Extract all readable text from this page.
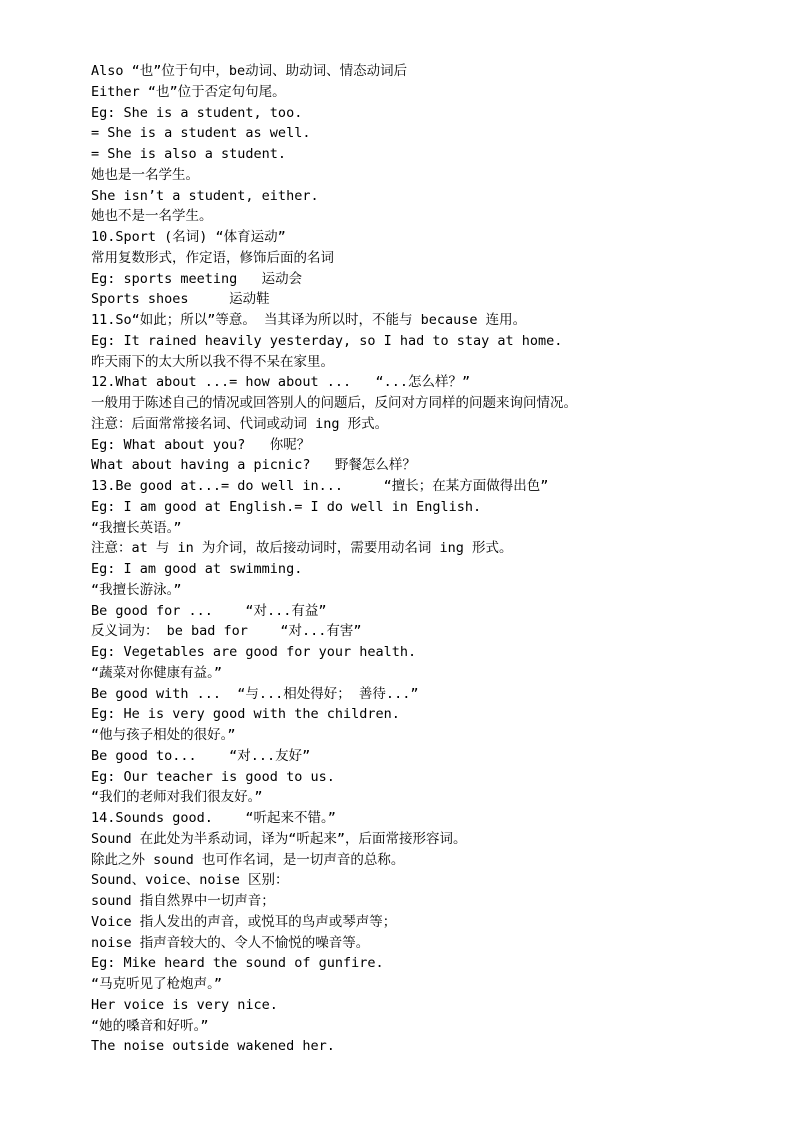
Also “也”位于句中，be动词、助动词、情态动词后
Either “也”位于否定句句尾。
Eg: She is a student, too.
= She is a student as well.
= She is also a student.
她也是一名学生。
She isn’t a student, either.
她也不是一名学生。
10.Sport (名词) “体育运动”
常用复数形式，作定语，修饰后面的名词
Eg: sports meeting   运动会
Sports shoes     运动鞋
11.So“如此；所以”等意。 当其译为所以时，不能与 because 连用。
Eg: It rained heavily yesterday, so I had to stay at home.
昨天雨下的太大所以我不得不呆在家里。
12.What about ...= how about ...   “...怎么样？”
一般用于陈述自己的情况或回答别人的问题后，反问对方同样的问题来询问情况。
注意：后面常常接名词、代词或动词 ing 形式。
Eg: What about you?   你呢？
What about having a picnic?   野餐怎么样？
13.Be good at...= do well in...     “擅长；在某方面做得出色”
Eg: I am good at English.= I do well in English.
“我擅长英语。”
注意：at 与 in 为介词，故后接动词时，需要用动名词 ing 形式。
Eg: I am good at swimming.
“我擅长游泳。”
Be good for ...    “对...有益”
反义词为： be bad for    “对...有害”
Eg: Vegetables are good for your health.
“蔬菜对你健康有益。”
Be good with ...  “与...相处得好； 善待...”
Eg: He is very good with the children.
“他与孩子相处的很好。”
Be good to...    “对...友好”
Eg: Our teacher is good to us.
“我们的老师对我们很友好。”
14.Sounds good.    “听起来不错。”
Sound 在此处为半系动词，译为“听起来”，后面常接形容词。
除此之外 sound 也可作名词，是一切声音的总称。
Sound、voice、noise 区别：
sound 指自然界中一切声音；
Voice 指人发出的声音，或悦耳的鸟声或琴声等；
noise 指声音较大的、令人不愉悦的噪音等。
Eg: Mike heard the sound of gunfire.
“马克听见了枪炮声。”
Her voice is very nice.
“她的嗓音和好听。”
The noise outside wakened her.
